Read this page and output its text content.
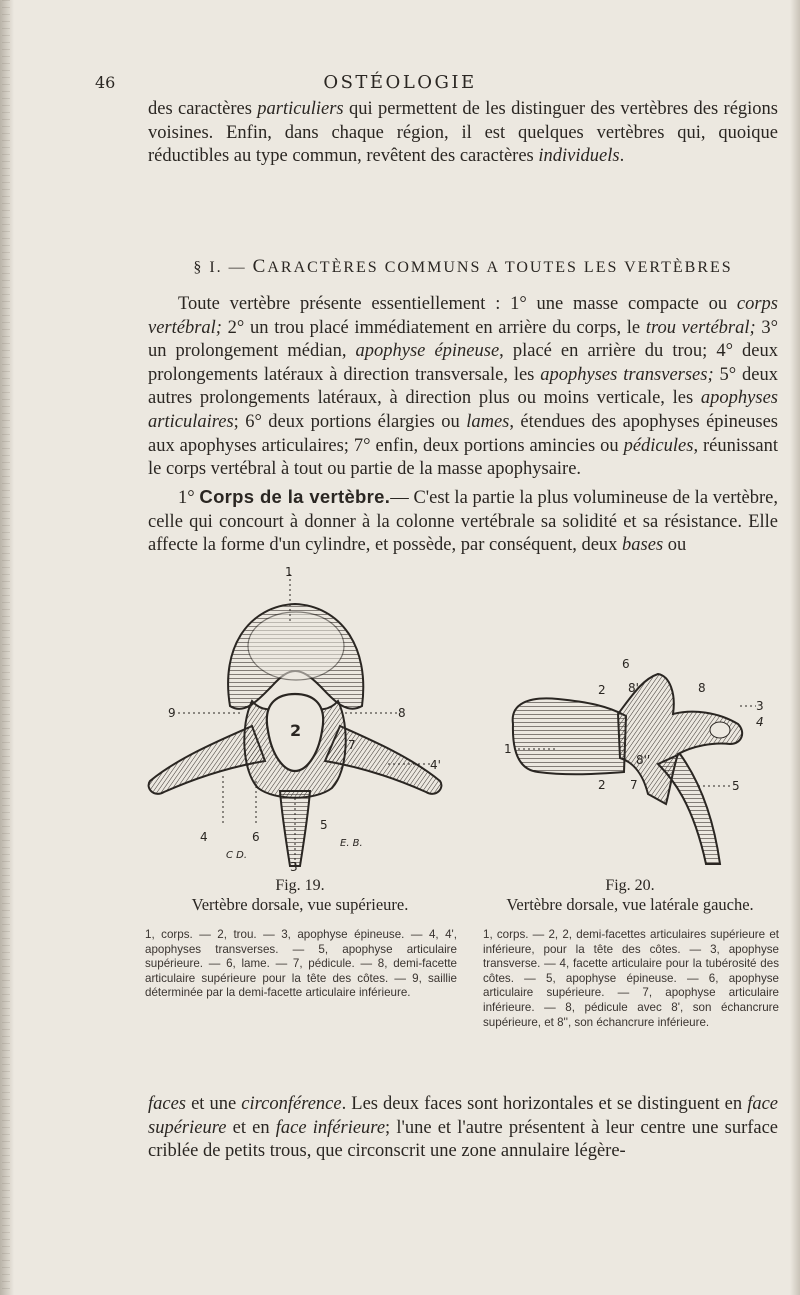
46	OSTÉOLOGIE

des caractères particuliers qui permettent de les distinguer des vertèbres des régions voisines. Enfin, dans chaque région, il est quelques vertèbres qui, quoique réductibles au type commun, revêtent des caractères individuels.

§ I. — CARACTÈRES COMMUNS A TOUTES LES VERTÈBRES

Toute vertèbre présente essentiellement : 1° une masse compacte ou corps vertébral; 2° un trou placé immédiatement en arrière du corps, le trou vertébral; 3° un prolongement médian, apophyse épineuse, placé en arrière du trou; 4° deux prolongements latéraux à direction transversale, les apophyses transverses; 5° deux autres prolongements latéraux, à direction plus ou moins verticale, les apophyses articulaires; 6° deux portions élargies ou lames, étendues des apophyses épineuses aux apophyses articulaires; 7° enfin, deux portions amincies ou pédicules, réunissant le corps vertébral à tout ou partie de la masse apophysaire.

1° Corps de la vertèbre.— C'est la partie la plus volumineuse de la vertèbre, celle qui concourt à donner à la colonne vertébrale sa solidité et sa résistance. Elle affecte la forme d'un cylindre, et possède, par conséquent, deux bases ou

1
2
9	8
7
4'
4	6
5
3
C D.
E. B.
6
2 8'	8
3
4
1
8''
2 7	5
Fig. 19.
Vertèbre dorsale, vue supérieure.

1, corps. — 2, trou. — 3, apophyse épineuse. — 4, 4', apophyses transverses. — 5, apophyse articulaire supérieure. — 6, lame. — 7, pédicule. — 8, demi-facette articulaire supérieure pour la tête des côtes. — 9, saillie déterminée par la demi-facette articulaire inférieure.

Fig. 20.
Vertèbre dorsale, vue latérale gauche.

1, corps. — 2, 2, demi-facettes articulaires supérieure et inférieure, pour la tête des côtes. — 3, apophyse transverse. — 4, facette articulaire pour la tubérosité des côtes. — 5, apophyse épineuse. — 6, apophyse articulaire supérieure. — 7, apophyse articulaire inférieure. — 8, pédicule avec 8', son échancrure supérieure, et 8'', son échancrure inférieure.

faces et une circonférence. Les deux faces sont horizontales et se distinguent en face supérieure et en face inférieure; l'une et l'autre présentent à leur centre une surface criblée de petits trous, que circonscrit une zone annulaire légère-
